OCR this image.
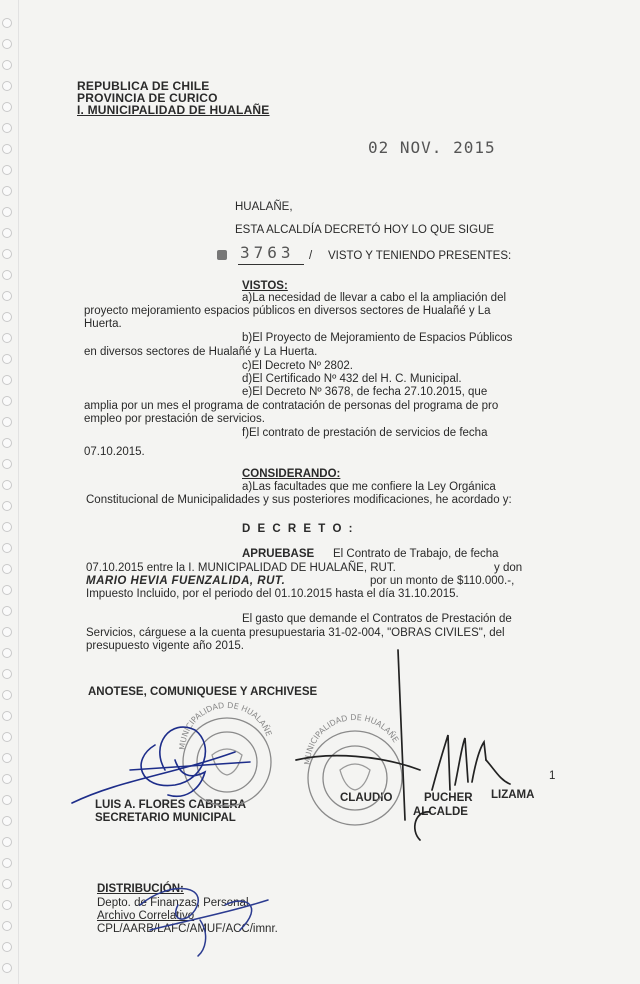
REPUBLICA DE CHILE
PROVINCIA DE CURICO
I. MUNICIPALIDAD DE HUALAÑE
02 NOV. 2015
HUALAÑE,
ESTA ALCALDÍA DECRETÓ HOY LO QUE SIGUE
3763 / VISTO Y TENIENDO PRESENTES:
VISTOS:
a)La necesidad de llevar a cabo el la ampliación del
proyecto mejoramiento espacios públicos en diversos sectores de Hualañé y La
Huerta.
b)El Proyecto de Mejoramiento de Espacios Públicos
en diversos sectores de Hualañé y La Huerta.
c)El Decreto Nº 2802.
d)El Certificado Nº 432 del H. C. Municipal.
e)El Decreto Nº 3678, de fecha 27.10.2015, que
amplia por un mes el programa de contratación de personas del programa de pro
empleo por prestación de servicios.
f)El contrato de prestación de servicios de fecha
07.10.2015.
CONSIDERANDO:
a)Las facultades que me confiere la Ley Orgánica
Constitucional de Municipalidades y sus posteriores modificaciones, he acordado y:
D E C R E T O :
APRUEBASE El Contrato de Trabajo, de fecha
07.10.2015 entre la I. MUNICIPALIDAD DE HUALAÑE, RUT.	y don
MARIO HEVIA FUENZALIDA, RUT.	por un monto de $110.000.-,
Impuesto Incluido, por el periodo del 01.10.2015 hasta el día 31.10.2015.
El gasto que demande el Contratos de Prestación de
Servicios, cárguese a la cuenta presupuestaria 31-02-004, "OBRAS CIVILES", del
presupuesto vigente año 2015.
ANOTESE, COMUNIQUESE Y ARCHIVESE
LUIS A. FLORES CABRERA
SECRETARIO MUNICIPAL
CLAUDIO	PUCHER LIZAMA
ALCALDE
1
DISTRIBUCIÓN:
Depto. de Finanzas, Personal
Archivo Correlativo
CPL/AARB/LAFC/AMUF/ACC/imnr.
MUNICIPALIDAD DE HUALAÑE
MUNICIPALIDAD DE HUALAÑE
